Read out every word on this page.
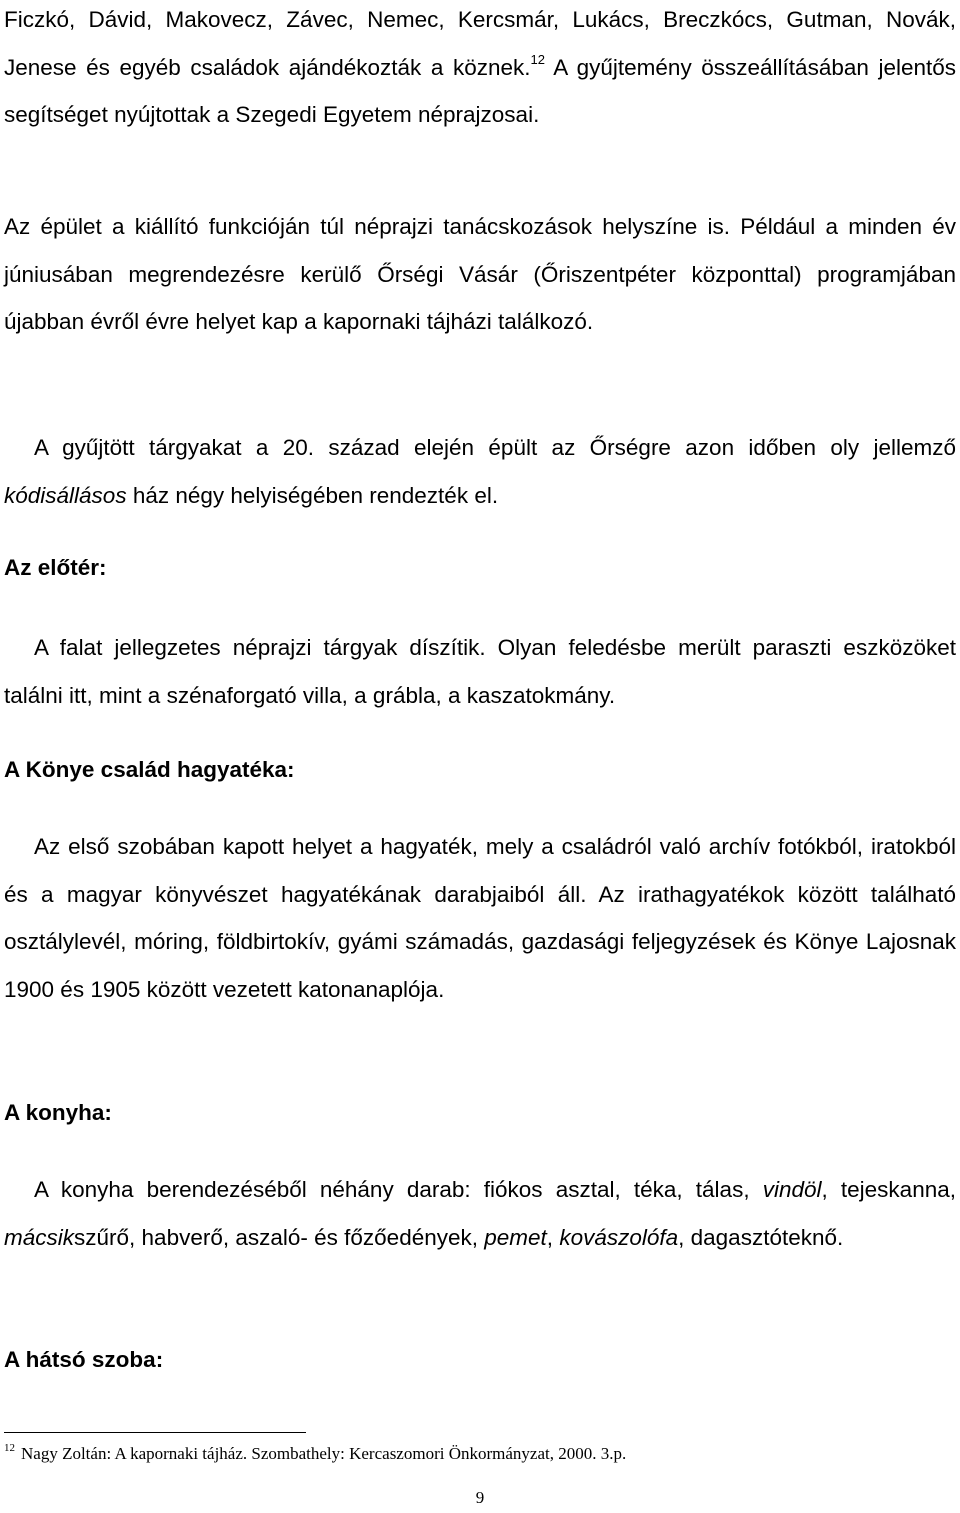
Ficzkó, Dávid, Makovecz, Závec, Nemec, Kercsmár, Lukács, Breczkócs, Gutman, Novák, Jenese és egyéb családok ajándékozták a köznek.$^{12}$ A gyűjtemény összeállításában jelentős segítséget nyújtottak a Szegedi Egyetem néprajzosai.

Az épület a kiállító funkcióján túl néprajzi tanácskozások helyszíne is. Például a minden év júniusában megrendezésre kerülő Őrségi Vásár (Őriszentpéter központtal) programjában újabban évről évre helyet kap a kapornaki tájházi találkozó.

A gyűjtött tárgyakat a 20. század elején épült az Őrségre azon időben oly jellemző kódisállásos ház négy helyiségében rendezték el.

Az előtér:

A falat jellegzetes néprajzi tárgyak díszítik. Olyan feledésbe merült paraszti eszközöket találni itt, mint a szénaforgató villa, a grábla, a kaszatokmány.

A Könye család hagyatéka:

Az első szobában kapott helyet a hagyaték, mely a családról való archív fotókból, iratokból és a magyar könyvészet hagyatékának darabjaiból áll. Az irathagyatékok között található osztálylevél, móring, földbirtokív, gyámi számadás, gazdasági feljegyzések és Könye Lajosnak 1900 és 1905 között vezetett katonanaplója.

A konyha:

A konyha berendezéséből néhány darab: fiókos asztal, téka, tálas, vindöl, tejeskanna, mácsikszűrő, habverő, aszaló- és főzőedények, pemet, kovászolófa, dagasztóteknő.

A hátsó szoba:

$^{12}$ Nagy Zoltán: A kapornaki tájház. Szombathely: Kercaszomori Önkormányzat, 2000. 3.p.

9
